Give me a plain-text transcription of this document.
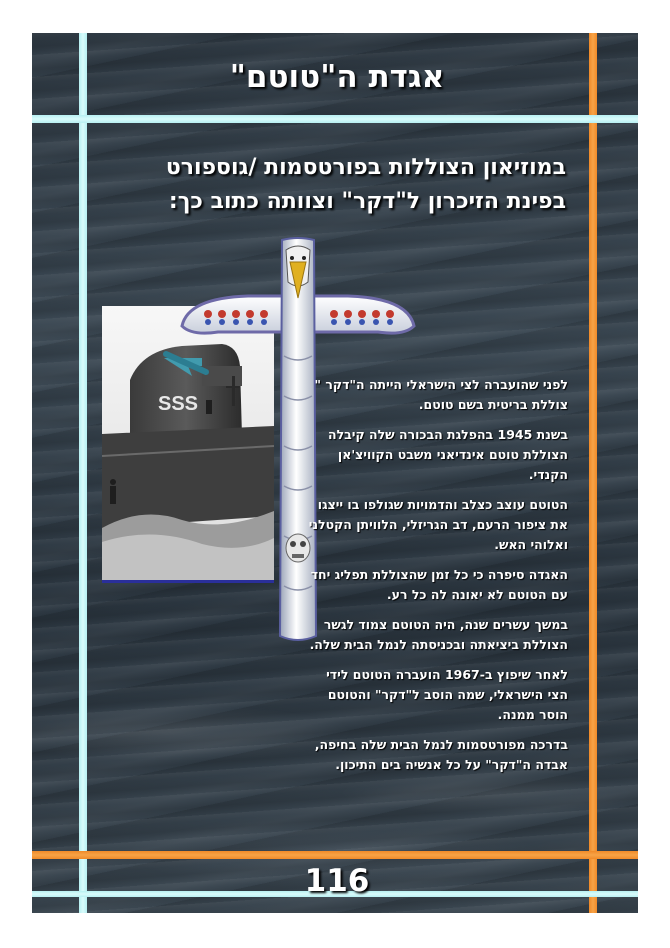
אגדת ה"טוטם"
במוזיאון הצוללות בפורטסמות /גוספורט
בפינת הזיכרון ל"דקר" וצוותה כתוב כך:
SSS

לפני שהועברה לצי הישראלי הייתה ה"דקר " צוללת בריטית בשם טוטם.

בשנת 1945 בהפלגת הבכורה שלה קיבלה הצוללת טוטם אינדיאני משבט הקוויצ'אן הקנדי.

הטוטם עוצב כצלב והדמויות שגולפו בו ייצגו את ציפור הרעם, דב הגריזלי, הלוויתן הקטלני ואלוהי האש.

האגדה סיפרה כי כל זמן שהצוללת תפליג יחד עם הטוטם לא יאונה לה כל רע.

במשך עשרים שנה, היה הטוטם צמוד לגשר הצוללת ביציאתה ובכניסתה לנמל הבית שלה.

לאחר שיפוץ ב-1967 הועברה הטוטם לידי הצי הישראלי, שמה הוסב ל"דקר" והטוטם הוסר ממנה.

בדרכה מפורטסמות לנמל הבית שלה בחיפה, אבדה ה"דקר" על כל אנשיה בים התיכון.

116
